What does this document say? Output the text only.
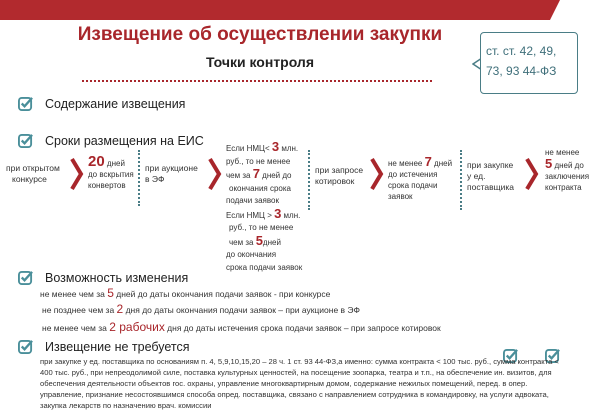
Извещение об осуществлении закупки
Точки контроля
ст. ст. 42, 49,
73, 93 44-ФЗ
Содержание извещения
Сроки размещения на ЕИС
при открытом
конкурсе
20 дней
до вскрытия
конвертов
при аукционе
в ЭФ
Если НМЦ< 3 млн.
руб., то не менее
чем за 7 дней до
окончания срока
подачи заявок
Если НМЦ > 3 млн.
руб., то не менее
чем за 5дней
до окончания
срока подачи заявок
при запросе
котировок
не менее 7 дней
до истечения
срока подачи
заявок
при закупке
у ед.
поставщика
не менее
5 дней до
заключения
контракта
Возможность изменения
не менее чем за 5 дней до даты окончания подачи заявок - при конкурсе
не позднее чем за 2 дня до даты окончания подачи заявок – при аукционе в ЭФ
не менее чем за 2 рабочих дня до даты истечения срока подачи заявок – при запросе котировок
Извещение не требуется
при закупке у ед. поставщика по основаниям п. 4, 5,9,10,15,20 – 28 ч. 1 ст. 93 44-ФЗ,а именно: сумма контракта < 100 тыс. руб., сумма контракта < 400 тыс. руб., при непреодолимой силе, поставка культурных ценностей, на посещение зоопарка, театра и т.п., на обеспечение ин. визитов, для обеспечения деятельности объектов гос. охраны, управление многоквартирным домом, содержание нежилых помещений, перед. в опер. управление, признание несостоявшимся способа опред. поставщика, связано с направлением сотрудника в командировку, на услуги адвоката, закупка лекарств по назначению врач. комиссии
